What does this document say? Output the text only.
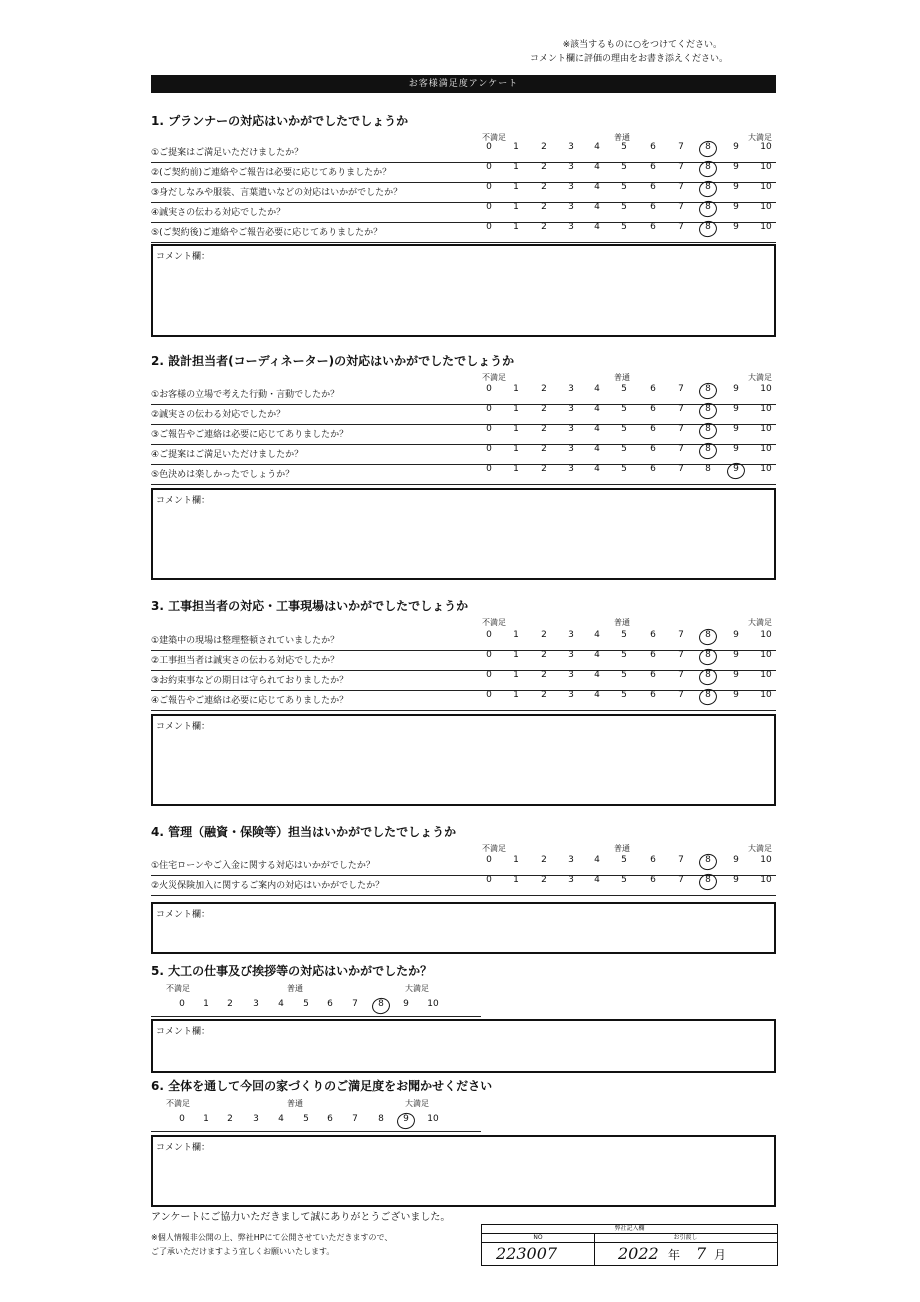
※該当するものに○をつけてください。
コメント欄に評価の理由をお書き添えください。
お客様満足度アンケート
1. プランナーの対応はいかがでしたでしょうか
不満足	普通	大満足
①ご提案はご満足いただけましたか？
0	1	2	3	4	5	6	7	8	9	10
②(ご契約前)ご連絡やご報告は必要に応じてありましたか？
0	1	2	3	4	5	6	7	8	9	10
③身だしなみや服装、言葉遣いなどの対応はいかがでしたか？
0	1	2	3	4	5	6	7	8	9	10
④誠実さの伝わる対応でしたか？
0	1	2	3	4	5	6	7	8	9	10
⑤(ご契約後)ご連絡やご報告必要に応じてありましたか？
0	1	2	3	4	5	6	7	8	9	10
コメント欄：
2. 設計担当者(コーディネーター)の対応はいかがでしたでしょうか
不満足	普通	大満足
①お客様の立場で考えた行動・言動でしたか？
0	1	2	3	4	5	6	7	8	9	10
②誠実さの伝わる対応でしたか？
0	1	2	3	4	5	6	7	8	9	10
③ご報告やご連絡は必要に応じてありましたか？
0	1	2	3	4	5	6	7	8	9	10
④ご提案はご満足いただけましたか？
0	1	2	3	4	5	6	7	8	9	10
⑤色決めは楽しかったでしょうか？
0	1	2	3	4	5	6	7	8	9	10
コメント欄：
3. 工事担当者の対応・工事現場はいかがでしたでしょうか
不満足	普通	大満足
①建築中の現場は整理整頓されていましたか？
0	1	2	3	4	5	6	7	8	9	10
②工事担当者は誠実さの伝わる対応でしたか？
0	1	2	3	4	5	6	7	8	9	10
③お約束事などの期日は守られておりましたか？
0	1	2	3	4	5	6	7	8	9	10
④ご報告やご連絡は必要に応じてありましたか？
0	1	2	3	4	5	6	7	8	9	10
コメント欄：
4. 管理（融資・保険等）担当はいかがでしたでしょうか
不満足	普通	大満足
①住宅ローンやご入金に関する対応はいかがでしたか？
0	1	2	3	4	5	6	7	8	9	10
②火災保険加入に関するご案内の対応はいかがでしたか？
0	1	2	3	4	5	6	7	8	9	10
コメント欄：
5. 大工の仕事及び挨拶等の対応はいかがでしたか？
不満足	普通	大満足
0	1	2	3	4	5	6	7	8	9	10
コメント欄：
6. 全体を通して今回の家づくりのご満足度をお聞かせください
不満足	普通	大満足
0	1	2	3	4	5	6	7	8	9	10
コメント欄：
アンケートにご協力いただきまして誠にありがとうございました。
※個人情報非公開の上、弊社HPにて公開させていただきますので、
ご了承いただけますよう宜しくお願いいたします。
弊社記入欄
NO	お引渡し
223007	2022 年 7 月
